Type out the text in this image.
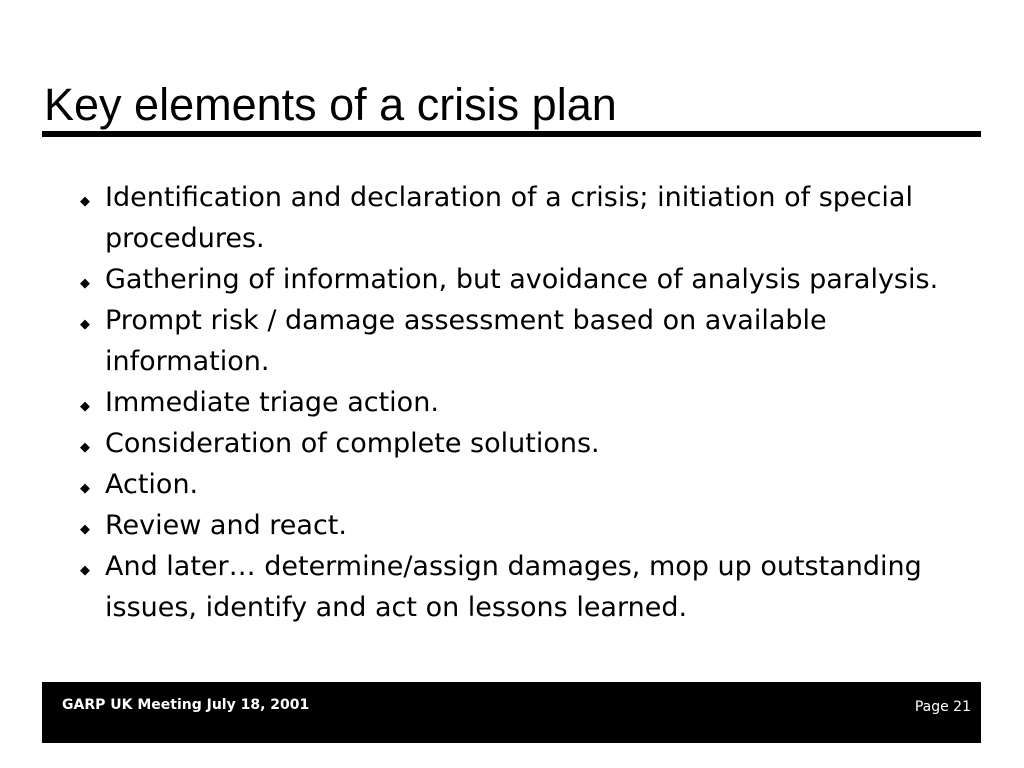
Key elements of a crisis plan
◆ Identification and declaration of a crisis; initiation of special procedures.
◆ Gathering of information, but avoidance of analysis paralysis.
◆ Prompt risk / damage assessment based on available information.
◆ Immediate triage action.
◆ Consideration of complete solutions.
◆ Action.
◆ Review and react.
◆ And later… determine/assign damages, mop up outstanding issues, identify and act on lessons learned.
GARP UK Meeting July 18, 2001	Page 21
